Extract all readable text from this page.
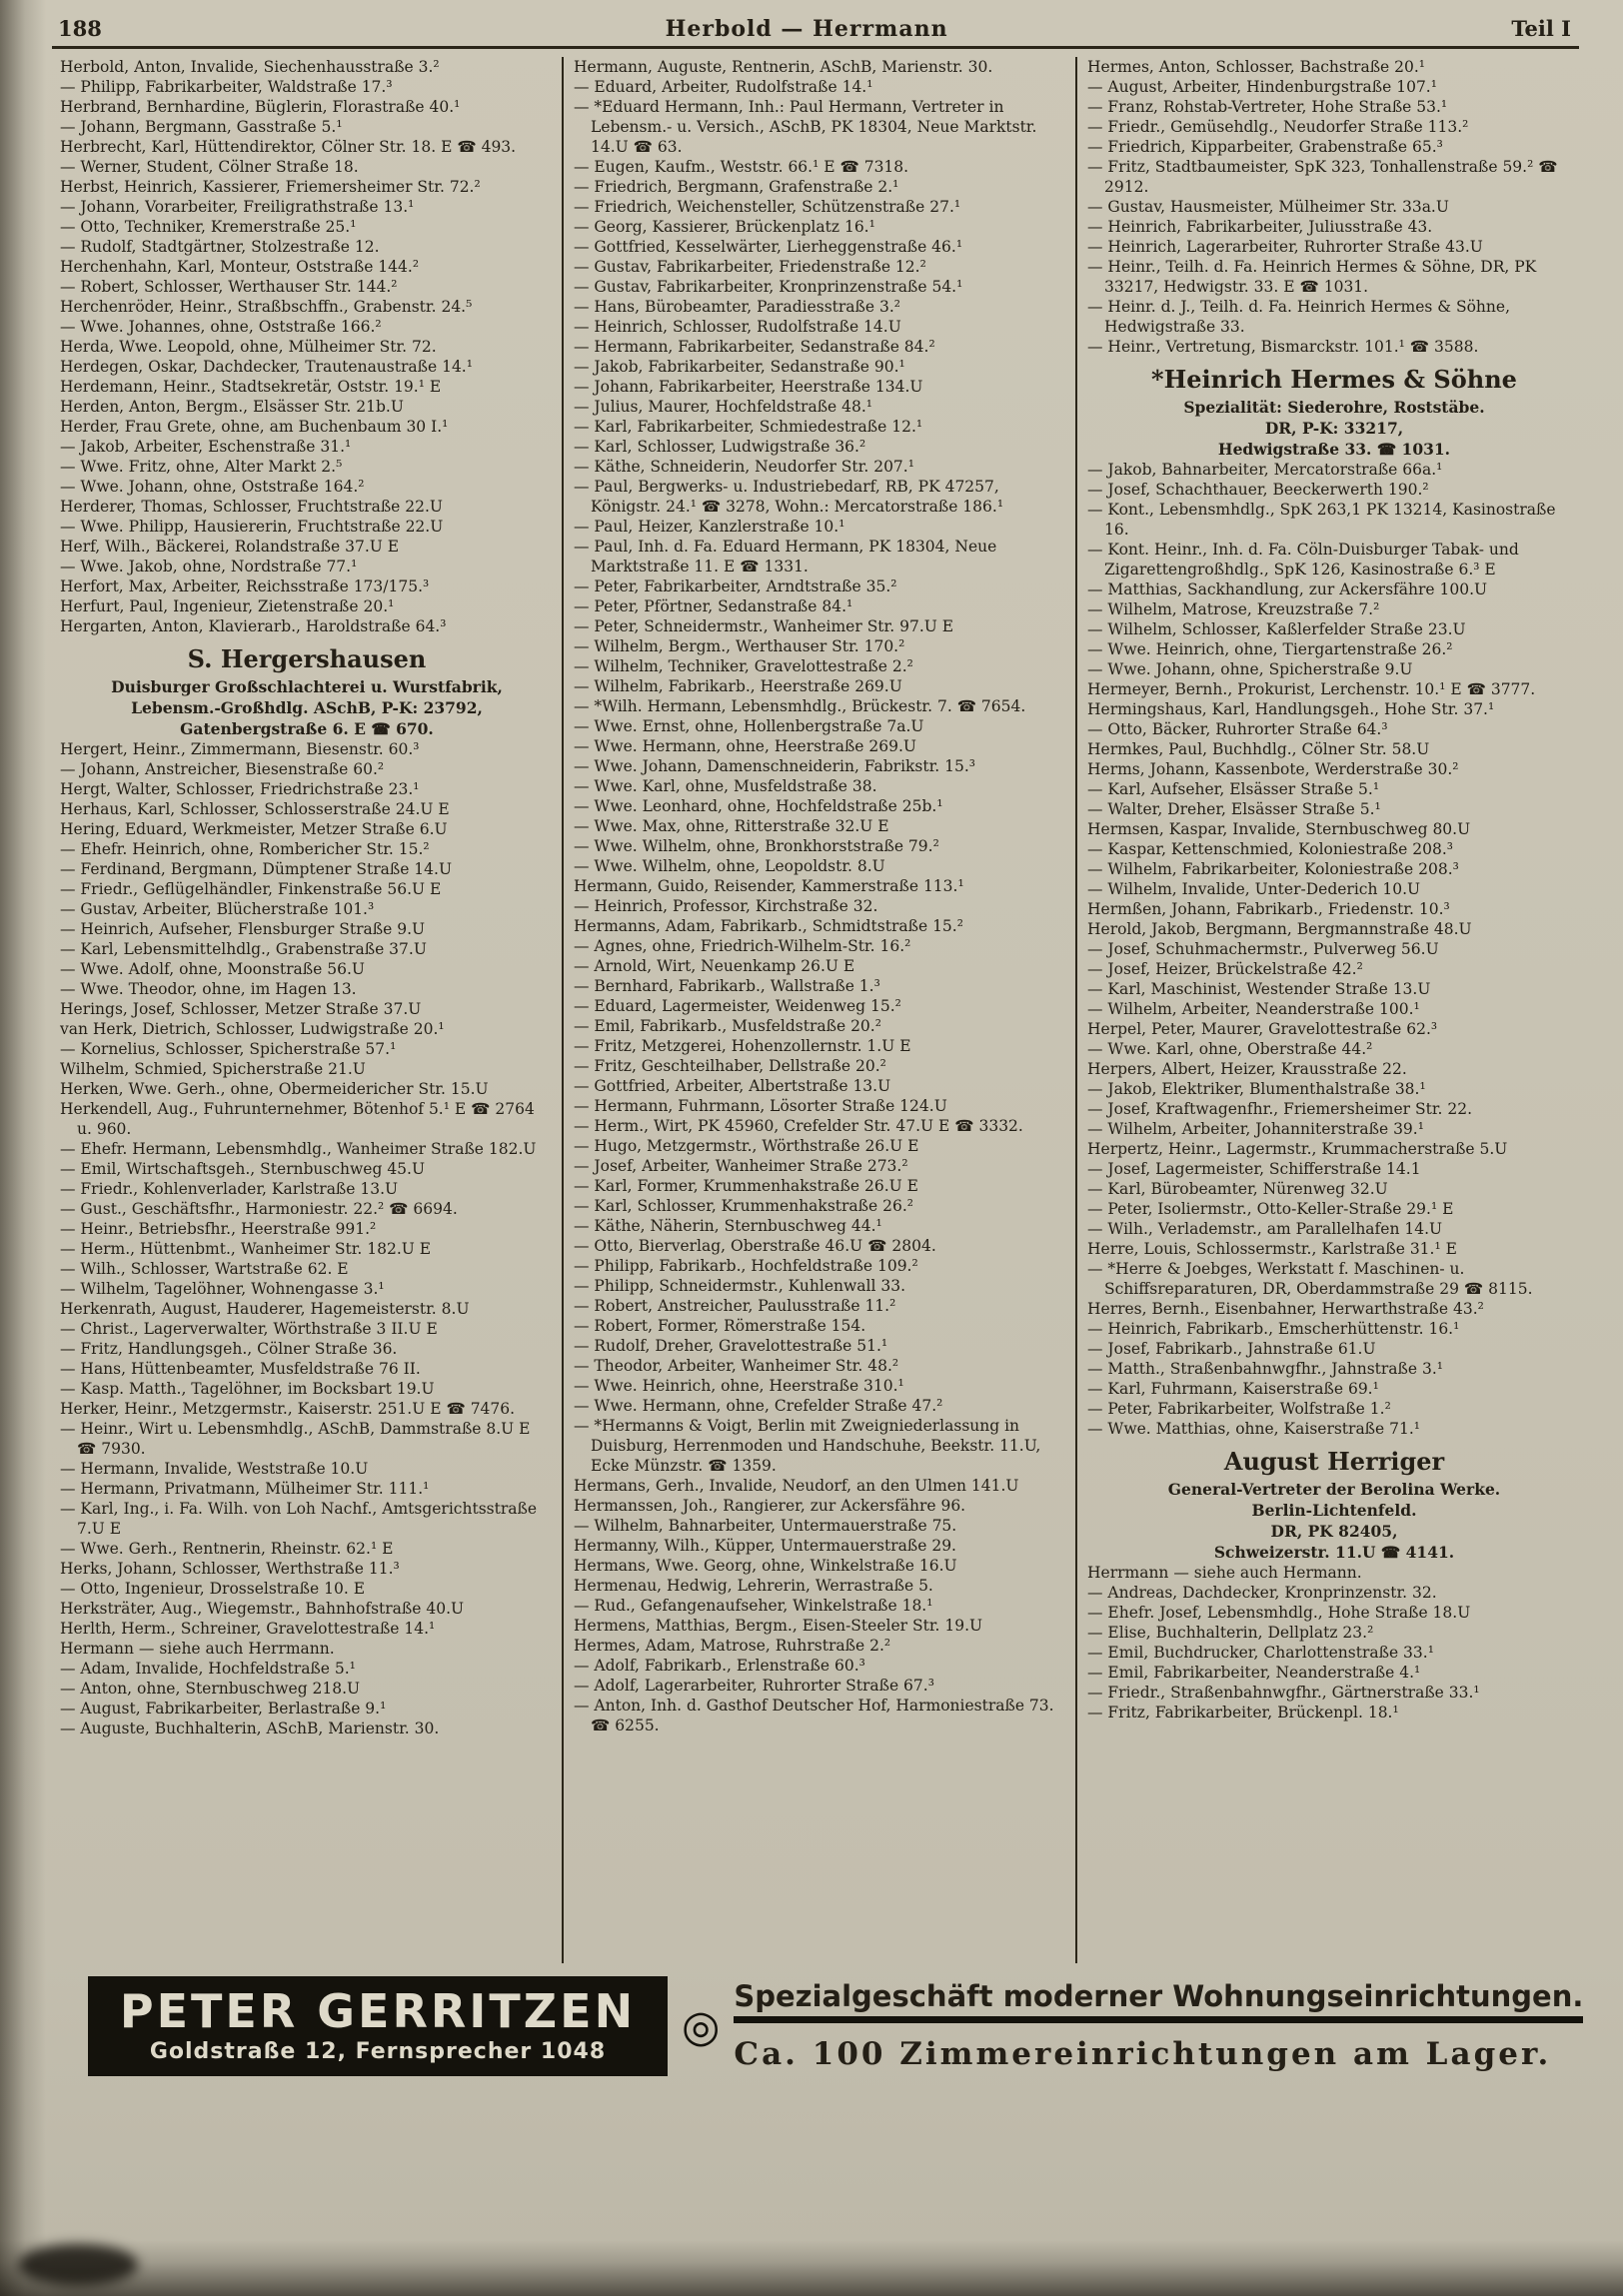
188	Herbold — Herrmann	Teil I
Herbold, Anton, Invalide, Siechenhausstraße 3.²
— Philipp, Fabrikarbeiter, Waldstraße 17.³
Herbrand, Bernhardine, Büglerin, Florastraße 40.¹
— Johann, Bergmann, Gasstraße 5.¹
Herbrecht, Karl, Hüttendirektor, Cölner Str. 18. E ☎ 493.
— Werner, Student, Cölner Straße 18.
Herbst, Heinrich, Kassierer, Friemersheimer Str. 72.²
— Johann, Vorarbeiter, Freiligrathstraße 13.¹
— Otto, Techniker, Kremerstraße 25.¹
— Rudolf, Stadtgärtner, Stolzestraße 12.
Herchenhahn, Karl, Monteur, Oststraße 144.²
— Robert, Schlosser, Werthauser Str. 144.²
Herchenröder, Heinr., Straßbschffn., Grabenstr. 24.⁵
— Wwe. Johannes, ohne, Oststraße 166.²
Herda, Wwe. Leopold, ohne, Mülheimer Str. 72.
Herdegen, Oskar, Dachdecker, Trautenaustraße 14.¹
Herdemann, Heinr., Stadtsekretär, Oststr. 19.¹ E
Herden, Anton, Bergm., Elsässer Str. 21b.U
Herder, Frau Grete, ohne, am Buchenbaum 30 I.¹
— Jakob, Arbeiter, Eschenstraße 31.¹
— Wwe. Fritz, ohne, Alter Markt 2.⁵
— Wwe. Johann, ohne, Oststraße 164.²
Herderer, Thomas, Schlosser, Fruchtstraße 22.U
— Wwe. Philipp, Hausiererin, Fruchtstraße 22.U
Herf, Wilh., Bäckerei, Rolandstraße 37.U E
— Wwe. Jakob, ohne, Nordstraße 77.¹
Herfort, Max, Arbeiter, Reichsstraße 173/175.³
Herfurt, Paul, Ingenieur, Zietenstraße 20.¹
Hergarten, Anton, Klavierarb., Haroldstraße 64.³
S. Hergershausen
Duisburger Großschlachterei u. Wurstfabrik,
Lebensm.-Großhdlg. ASchB, P-K: 23792,
Gatenbergstraße 6. E ☎ 670.
Hergert, Heinr., Zimmermann, Biesenstr. 60.³
— Johann, Anstreicher, Biesenstraße 60.²
Hergt, Walter, Schlosser, Friedrichstraße 23.¹
Herhaus, Karl, Schlosser, Schlosserstraße 24.U E
Hering, Eduard, Werkmeister, Metzer Straße 6.U
— Ehefr. Heinrich, ohne, Rombericher Str. 15.²
— Ferdinand, Bergmann, Dümptener Straße 14.U
— Friedr., Geflügelhändler, Finkenstraße 56.U E
— Gustav, Arbeiter, Blücherstraße 101.³
— Heinrich, Aufseher, Flensburger Straße 9.U
— Karl, Lebensmittelhdlg., Grabenstraße 37.U
— Wwe. Adolf, ohne, Moonstraße 56.U
— Wwe. Theodor, ohne, im Hagen 13.
Herings, Josef, Schlosser, Metzer Straße 37.U
van Herk, Dietrich, Schlosser, Ludwigstraße 20.¹
— Kornelius, Schlosser, Spicherstraße 57.¹
Wilhelm, Schmied, Spicherstraße 21.U
Herken, Wwe. Gerh., ohne, Obermeidericher Str. 15.U
Herkendell, Aug., Fuhrunternehmer, Bötenhof 5.¹ E ☎ 2764 u. 960.
— Ehefr. Hermann, Lebensmhdlg., Wanheimer Straße 182.U
— Emil, Wirtschaftsgeh., Sternbuschweg 45.U
— Friedr., Kohlenverlader, Karlstraße 13.U
— Gust., Geschäftsfhr., Harmoniestr. 22.² ☎ 6694.
— Heinr., Betriebsfhr., Heerstraße 991.²
— Herm., Hüttenbmt., Wanheimer Str. 182.U E
— Wilh., Schlosser, Wartstraße 62. E
— Wilhelm, Tagelöhner, Wohnengasse 3.¹
Herkenrath, August, Hauderer, Hagemeisterstr. 8.U
— Christ., Lagerverwalter, Wörthstraße 3 II.U E
— Fritz, Handlungsgeh., Cölner Straße 36.
— Hans, Hüttenbeamter, Musfeldstraße 76 II.
— Kasp. Matth., Tagelöhner, im Bocksbart 19.U
Herker, Heinr., Metzgermstr., Kaiserstr. 251.U E ☎ 7476.
— Heinr., Wirt u. Lebensmhdlg., ASchB, Dammstraße 8.U E ☎ 7930.
— Hermann, Invalide, Weststraße 10.U
— Hermann, Privatmann, Mülheimer Str. 111.¹
— Karl, Ing., i. Fa. Wilh. von Loh Nachf., Amtsgerichtsstraße 7.U E
— Wwe. Gerh., Rentnerin, Rheinstr. 62.¹ E
Herks, Johann, Schlosser, Werthstraße 11.³
— Otto, Ingenieur, Drosselstraße 10. E
Herksträter, Aug., Wiegemstr., Bahnhofstraße 40.U
Herlth, Herm., Schreiner, Gravelottestraße 14.¹
Hermann — siehe auch Herrmann.
— Adam, Invalide, Hochfeldstraße 5.¹
— Anton, ohne, Sternbuschweg 218.U
— August, Fabrikarbeiter, Berlastraße 9.¹
— Auguste, Buchhalterin, ASchB, Marienstr. 30.
Hermann, Auguste, Rentnerin, ASchB, Marienstr. 30.
— Eduard, Arbeiter, Rudolfstraße 14.¹
— *Eduard Hermann, Inh.: Paul Hermann, Vertreter in Lebensm.- u. Versich., ASchB, PK 18304, Neue Marktstr. 14.U ☎ 63.
— Eugen, Kaufm., Weststr. 66.¹ E ☎ 7318.
— Friedrich, Bergmann, Grafenstraße 2.¹
— Friedrich, Weichensteller, Schützenstraße 27.¹
— Georg, Kassierer, Brückenplatz 16.¹
— Gottfried, Kesselwärter, Lierheggenstraße 46.¹
— Gustav, Fabrikarbeiter, Friedenstraße 12.²
— Gustav, Fabrikarbeiter, Kronprinzenstraße 54.¹
— Hans, Bürobeamter, Paradiesstraße 3.²
— Heinrich, Schlosser, Rudolfstraße 14.U
— Hermann, Fabrikarbeiter, Sedanstraße 84.²
— Jakob, Fabrikarbeiter, Sedanstraße 90.¹
— Johann, Fabrikarbeiter, Heerstraße 134.U
— Julius, Maurer, Hochfeldstraße 48.¹
— Karl, Fabrikarbeiter, Schmiedestraße 12.¹
— Karl, Schlosser, Ludwigstraße 36.²
— Käthe, Schneiderin, Neudorfer Str. 207.¹
— Paul, Bergwerks- u. Industriebedarf, RB, PK 47257, Königstr. 24.¹ ☎ 3278, Wohn.: Mercatorstraße 186.¹
— Paul, Heizer, Kanzlerstraße 10.¹
— Paul, Inh. d. Fa. Eduard Hermann, PK 18304, Neue Marktstraße 11. E ☎ 1331.
— Peter, Fabrikarbeiter, Arndtstraße 35.²
— Peter, Pförtner, Sedanstraße 84.¹
— Peter, Schneidermstr., Wanheimer Str. 97.U E
— Wilhelm, Bergm., Werthauser Str. 170.²
— Wilhelm, Techniker, Gravelottestraße 2.²
— Wilhelm, Fabrikarb., Heerstraße 269.U
— *Wilh. Hermann, Lebensmhdlg., Brückestr. 7. ☎ 7654.
— Wwe. Ernst, ohne, Hollenbergstraße 7a.U
— Wwe. Hermann, ohne, Heerstraße 269.U
— Wwe. Johann, Damenschneiderin, Fabrikstr. 15.³
— Wwe. Karl, ohne, Musfeldstraße 38.
— Wwe. Leonhard, ohne, Hochfeldstraße 25b.¹
— Wwe. Max, ohne, Ritterstraße 32.U E
— Wwe. Wilhelm, ohne, Bronkhorststraße 79.²
— Wwe. Wilhelm, ohne, Leopoldstr. 8.U
Hermann, Guido, Reisender, Kammerstraße 113.¹
— Heinrich, Professor, Kirchstraße 32.
Hermanns, Adam, Fabrikarb., Schmidtstraße 15.²
— Agnes, ohne, Friedrich-Wilhelm-Str. 16.²
— Arnold, Wirt, Neuenkamp 26.U E
— Bernhard, Fabrikarb., Wallstraße 1.³
— Eduard, Lagermeister, Weidenweg 15.²
— Emil, Fabrikarb., Musfeldstraße 20.²
— Fritz, Metzgerei, Hohenzollernstr. 1.U E
— Fritz, Geschteilhaber, Dellstraße 20.²
— Gottfried, Arbeiter, Albertstraße 13.U
— Hermann, Fuhrmann, Lösorter Straße 124.U
— Herm., Wirt, PK 45960, Crefelder Str. 47.U E ☎ 3332.
— Hugo, Metzgermstr., Wörthstraße 26.U E
— Josef, Arbeiter, Wanheimer Straße 273.²
— Karl, Former, Krummenhakstraße 26.U E
— Karl, Schlosser, Krummenhakstraße 26.²
— Käthe, Näherin, Sternbuschweg 44.¹
— Otto, Bierverlag, Oberstraße 46.U ☎ 2804.
— Philipp, Fabrikarb., Hochfeldstraße 109.²
— Philipp, Schneidermstr., Kuhlenwall 33.
— Robert, Anstreicher, Paulusstraße 11.²
— Robert, Former, Römerstraße 154.
— Rudolf, Dreher, Gravelottestraße 51.¹
— Theodor, Arbeiter, Wanheimer Str. 48.²
— Wwe. Heinrich, ohne, Heerstraße 310.¹
— Wwe. Hermann, ohne, Crefelder Straße 47.²
— *Hermanns & Voigt, Berlin mit Zweigniederlassung in Duisburg, Herrenmoden und Handschuhe, Beekstr. 11.U, Ecke Münzstr. ☎ 1359.
Hermans, Gerh., Invalide, Neudorf, an den Ulmen 141.U
Hermanssen, Joh., Rangierer, zur Ackersfähre 96.
— Wilhelm, Bahnarbeiter, Untermauerstraße 75.
Hermanny, Wilh., Küpper, Untermauerstraße 29.
Hermans, Wwe. Georg, ohne, Winkelstraße 16.U
Hermenau, Hedwig, Lehrerin, Werrastraße 5.
— Rud., Gefangenaufseher, Winkelstraße 18.¹
Hermens, Matthias, Bergm., Eisen-Steeler Str. 19.U
Hermes, Adam, Matrose, Ruhrstraße 2.²
— Adolf, Fabrikarb., Erlenstraße 60.³
— Adolf, Lagerarbeiter, Ruhrorter Straße 67.³
— Anton, Inh. d. Gasthof Deutscher Hof, Harmoniestraße 73. ☎ 6255.
Hermes, Anton, Schlosser, Bachstraße 20.¹
— August, Arbeiter, Hindenburgstraße 107.¹
— Franz, Rohstab-Vertreter, Hohe Straße 53.¹
— Friedr., Gemüsehdlg., Neudorfer Straße 113.²
— Friedrich, Kipparbeiter, Grabenstraße 65.³
— Fritz, Stadtbaumeister, SpK 323, Tonhallenstraße 59.² ☎ 2912.
— Gustav, Hausmeister, Mülheimer Str. 33a.U
— Heinrich, Fabrikarbeiter, Juliusstraße 43.
— Heinrich, Lagerarbeiter, Ruhrorter Straße 43.U
— Heinr., Teilh. d. Fa. Heinrich Hermes & Söhne, DR, PK 33217, Hedwigstr. 33. E ☎ 1031.
— Heinr. d. J., Teilh. d. Fa. Heinrich Hermes & Söhne, Hedwigstraße 33.
— Heinr., Vertretung, Bismarckstr. 101.¹ ☎ 3588.
*Heinrich Hermes & Söhne
Spezialität: Siederohre, Roststäbe.
DR, P-K: 33217,
Hedwigstraße 33. ☎ 1031.
— Jakob, Bahnarbeiter, Mercatorstraße 66a.¹
— Josef, Schachthauer, Beeckerwerth 190.²
— Kont., Lebensmhdlg., SpK 263,1 PK 13214, Kasinostraße 16.
— Kont. Heinr., Inh. d. Fa. Cöln-Duisburger Tabak- und Zigarettengroßhdlg., SpK 126, Kasinostraße 6.³ E
— Matthias, Sackhandlung, zur Ackersfähre 100.U
— Wilhelm, Matrose, Kreuzstraße 7.²
— Wilhelm, Schlosser, Kaßlerfelder Straße 23.U
— Wwe. Heinrich, ohne, Tiergartenstraße 26.²
— Wwe. Johann, ohne, Spicherstraße 9.U
Hermeyer, Bernh., Prokurist, Lerchenstr. 10.¹ E ☎ 3777.
Hermingshaus, Karl, Handlungsgeh., Hohe Str. 37.¹
— Otto, Bäcker, Ruhrorter Straße 64.³
Hermkes, Paul, Buchhdlg., Cölner Str. 58.U
Herms, Johann, Kassenbote, Werderstraße 30.²
— Karl, Aufseher, Elsässer Straße 5.¹
— Walter, Dreher, Elsässer Straße 5.¹
Hermsen, Kaspar, Invalide, Sternbuschweg 80.U
— Kaspar, Kettenschmied, Koloniestraße 208.³
— Wilhelm, Fabrikarbeiter, Koloniestraße 208.³
— Wilhelm, Invalide, Unter-Dederich 10.U
Hermßen, Johann, Fabrikarb., Friedenstr. 10.³
Herold, Jakob, Bergmann, Bergmannstraße 48.U
— Josef, Schuhmachermstr., Pulverweg 56.U
— Josef, Heizer, Brückelstraße 42.²
— Karl, Maschinist, Westender Straße 13.U
— Wilhelm, Arbeiter, Neanderstraße 100.¹
Herpel, Peter, Maurer, Gravelottestraße 62.³
— Wwe. Karl, ohne, Oberstraße 44.²
Herpers, Albert, Heizer, Krausstraße 22.
— Jakob, Elektriker, Blumenthalstraße 38.¹
— Josef, Kraftwagenfhr., Friemersheimer Str. 22.
— Wilhelm, Arbeiter, Johanniterstraße 39.¹
Herpertz, Heinr., Lagermstr., Krummacherstraße 5.U
— Josef, Lagermeister, Schifferstraße 14.1
— Karl, Bürobeamter, Nürenweg 32.U
— Peter, Isoliermstr., Otto-Keller-Straße 29.¹ E
— Wilh., Verlademstr., am Parallelhafen 14.U
Herre, Louis, Schlossermstr., Karlstraße 31.¹ E
— *Herre & Joebges, Werkstatt f. Maschinen- u. Schiffsreparaturen, DR, Oberdammstraße 29 ☎ 8115.
Herres, Bernh., Eisenbahner, Herwarthstraße 43.²
— Heinrich, Fabrikarb., Emscherhüttenstr. 16.¹
— Josef, Fabrikarb., Jahnstraße 61.U
— Matth., Straßenbahnwgfhr., Jahnstraße 3.¹
— Karl, Fuhrmann, Kaiserstraße 69.¹
— Peter, Fabrikarbeiter, Wolfstraße 1.²
— Wwe. Matthias, ohne, Kaiserstraße 71.¹
August Herriger
General-Vertreter der Berolina Werke.
Berlin-Lichtenfeld.
DR, PK 82405,
Schweizerstr. 11.U ☎ 4141.
Herrmann — siehe auch Hermann.
— Andreas, Dachdecker, Kronprinzenstr. 32.
— Ehefr. Josef, Lebensmhdlg., Hohe Straße 18.U
— Elise, Buchhalterin, Dellplatz 23.²
— Emil, Buchdrucker, Charlottenstraße 33.¹
— Emil, Fabrikarbeiter, Neanderstraße 4.¹
— Friedr., Straßenbahnwgfhr., Gärtnerstraße 33.¹
— Fritz, Fabrikarbeiter, Brückenpl. 18.¹
PETER GERRITZEN
Goldstraße 12, Fernsprecher 1048 ◎
Spezialgeschäft moderner Wohnungseinrichtungen.
Ca. 100 Zimmereinrichtungen am Lager.
